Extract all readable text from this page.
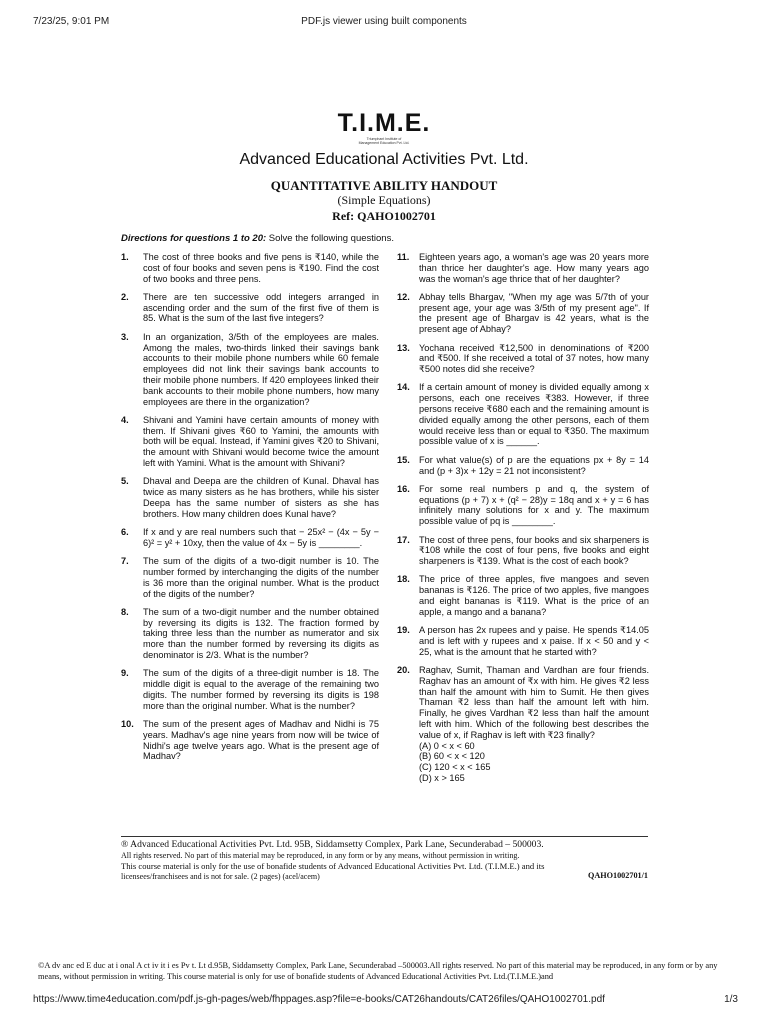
7/23/25, 9:01 PM	PDF.js viewer using built components
T.I.M.E.
Triumphant Institute of
Management Education Pvt. Ltd.
Advanced Educational Activities Pvt. Ltd.
QUANTITATIVE ABILITY HANDOUT
(Simple Equations)
Ref: QAHO1002701
Directions for questions 1 to 20: Solve the following questions.
1. The cost of three books and five pens is ₹140, while the cost of four books and seven pens is ₹190. Find the cost of two books and three pens.
2. There are ten successive odd integers arranged in ascending order and the sum of the first five of them is 85. What is the sum of the last five integers?
3. In an organization, 3/5th of the employees are males. Among the males, two-thirds linked their savings bank accounts to their mobile phone numbers while 60 female employees did not link their savings bank accounts to their mobile phone numbers. If 420 employees linked their bank accounts to their mobile phone numbers, how many employees are there in the organization?
4. Shivani and Yamini have certain amounts of money with them. If Shivani gives ₹60 to Yamini, the amounts with both will be equal. Instead, if Yamini gives ₹20 to Shivani, the amount with Shivani would become twice the amount left with Yamini. What is the amount with Shivani?
5. Dhaval and Deepa are the children of Kunal. Dhaval has twice as many sisters as he has brothers, while his sister Deepa has the same number of sisters as she has brothers. How many children does Kunal have?
6. If x and y are real numbers such that − 25x² − (4x − 5y − 6)² = y² + 10xy, then the value of 4x − 5y is ________.
7. The sum of the digits of a two-digit number is 10. The number formed by interchanging the digits of the number is 36 more than the original number. What is the product of the digits of the number?
8. The sum of a two-digit number and the number obtained by reversing its digits is 132. The fraction formed by taking three less than the number as numerator and six more than the number formed by reversing its digits as denominator is 2/3. What is the number?
9. The sum of the digits of a three-digit number is 18. The middle digit is equal to the average of the remaining two digits. The number formed by reversing its digits is 198 more than the original number. What is the number?
10. The sum of the present ages of Madhav and Nidhi is 75 years. Madhav's age nine years from now will be twice of Nidhi's age twelve years ago. What is the present age of Madhav?
11. Eighteen years ago, a woman's age was 20 years more than thrice her daughter's age. How many years ago was the woman's age thrice that of her daughter?
12. Abhay tells Bhargav, "When my age was 5/7th of your present age, your age was 3/5th of my present age". If the present age of Bhargav is 42 years, what is the present age of Abhay?
13. Yochana received ₹12,500 in denominations of ₹200 and ₹500. If she received a total of 37 notes, how many ₹500 notes did she receive?
14. If a certain amount of money is divided equally among x persons, each one receives ₹383. However, if three persons receive ₹680 each and the remaining amount is divided equally among the other persons, each of them would receive less than or equal to ₹350. The maximum possible value of x is ______.
15. For what value(s) of p are the equations px + 8y = 14 and (p + 3)x + 12y = 21 not inconsistent?
16. For some real numbers p and q, the system of equations (p + 7) x + (q² − 28)y = 18q and x + y = 6 has infinitely many solutions for x and y. The maximum possible value of pq is ________.
17. The cost of three pens, four books and six sharpeners is ₹108 while the cost of four pens, five books and eight sharpeners is ₹139. What is the cost of each book?
18. The price of three apples, five mangoes and seven bananas is ₹126. The price of two apples, five mangoes and eight bananas is ₹119. What is the price of an apple, a mango and a banana?
19. A person has 2x rupees and y paise. He spends ₹14.05 and is left with y rupees and x paise. If x < 50 and y < 25, what is the amount that he started with?
20. Raghav, Sumit, Thaman and Vardhan are four friends. Raghav has an amount of ₹x with him. He gives ₹2 less than half the amount with him to Sumit. He then gives Thaman ₹2 less than half the amount left with him. Finally, he gives Vardhan ₹2 less than half the amount left with him. Which of the following best describes the value of x, if Raghav is left with ₹23 finally?
(A) 0 < x < 60
(B) 60 < x < 120
(C) 120 < x < 165
(D) x > 165
® Advanced Educational Activities Pvt. Ltd. 95B, Siddamsetty Complex, Park Lane, Secunderabad – 500003.
All rights reserved. No part of this material may be reproduced, in any form or by any means, without permission in writing.
This course material is only for the use of bonafide students of Advanced Educational Activities Pvt. Ltd. (T.I.M.E.) and its
licensees/franchisees and is not for sale. (2 pages) (acel/acem)	QAHO1002701/1
©A dv anc ed E duc at i onal A ct iv it i es Pv t. Lt d.95B, Siddamsetty Complex, Park Lane, Secunderabad –500003.All rights reserved. No part of this material may be reproduced, in any form or by any means, without permission in writing. This course material is only for use of bonafide students of Advanced Educational Activities Pvt. Ltd.(T.I.M.E.)and
https://www.time4education.com/pdf.js-gh-pages/web/fhppages.asp?file=e-books/CAT26handouts/CAT26files/QAHO1002701.pdf	1/3
